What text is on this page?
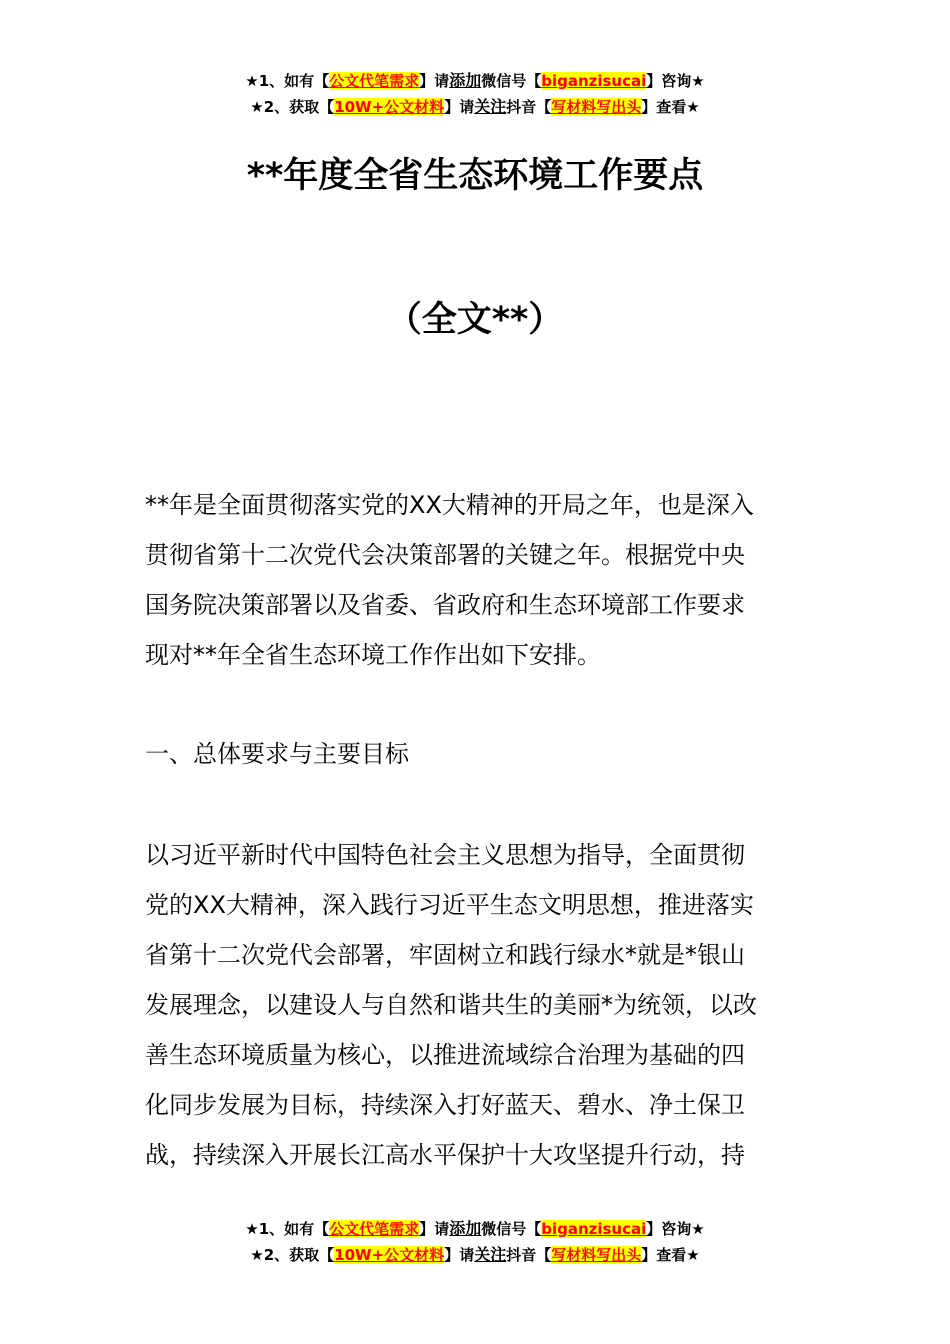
★1、如有【公文代笔需求】请添加微信号【biganzisucai】咨询★
★2、获取【10W+公文材料】请关注抖音【写材料写出头】查看★
**年度全省生态环境工作要点
（全文**）
**年是全面贯彻落实党的XX大精神的开局之年，也是深入
贯彻省第十二次党代会决策部署的关键之年。根据党中央
国务院决策部署以及省委、省政府和生态环境部工作要求
现对**年全省生态环境工作作出如下安排。
一、总体要求与主要目标
以习近平新时代中国特色社会主义思想为指导，全面贯彻
党的XX大精神，深入践行习近平生态文明思想，推进落实
省第十二次党代会部署，牢固树立和践行绿水*就是*银山
发展理念，以建设人与自然和谐共生的美丽*为统领，以改
善生态环境质量为核心，以推进流域综合治理为基础的四
化同步发展为目标，持续深入打好蓝天、碧水、净土保卫
战，持续深入开展长江高水平保护十大攻坚提升行动，持
★1、如有【公文代笔需求】请添加微信号【biganzisucai】咨询★
★2、获取【10W+公文材料】请关注抖音【写材料写出头】查看★
